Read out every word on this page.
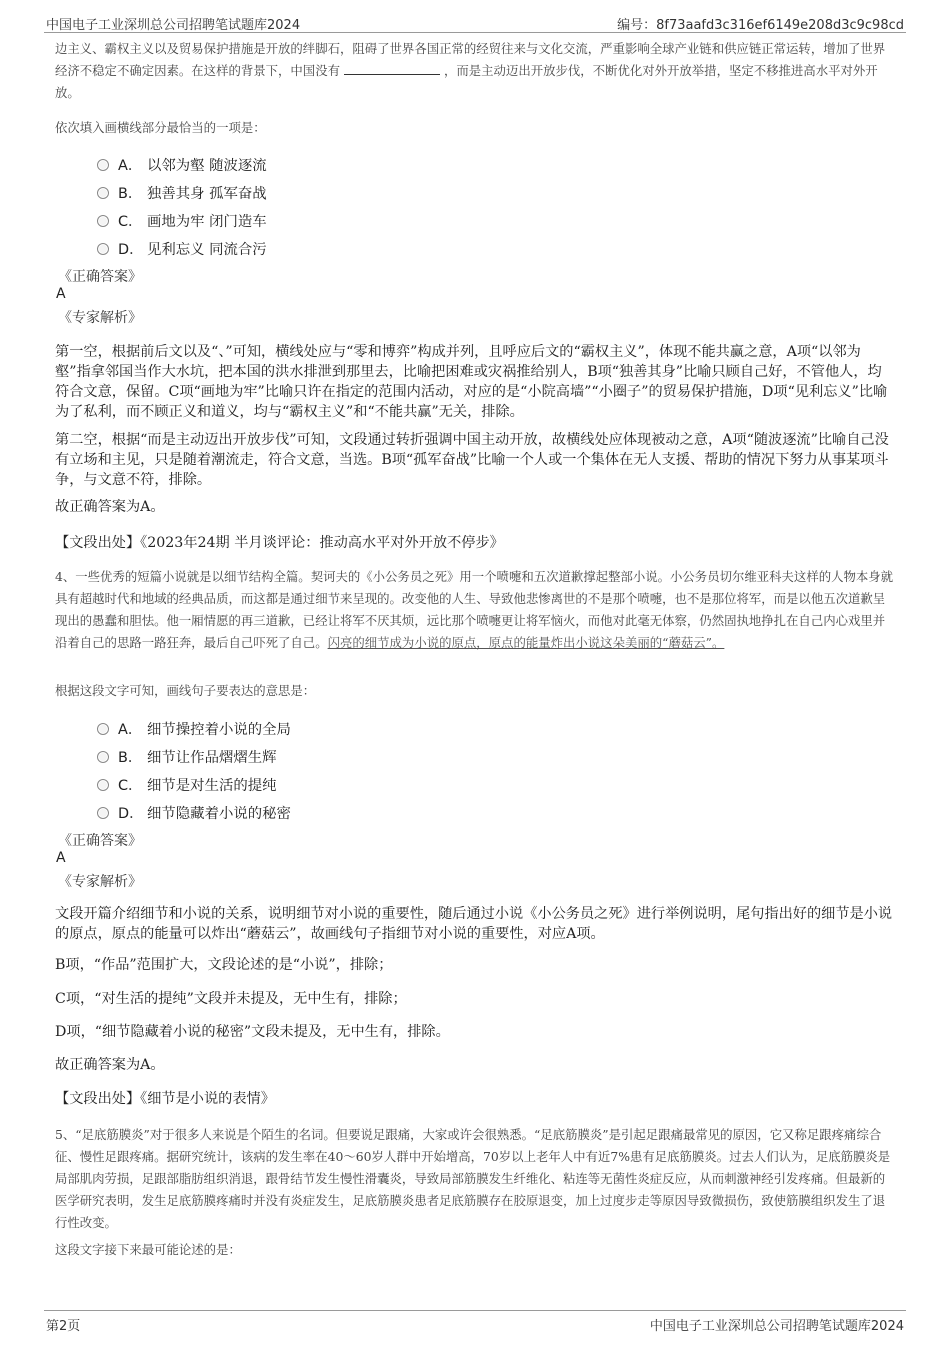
中国电子工业深圳总公司招聘笔试题库2024	编号：8f73aafd3c316ef6149e208d3c9c98cd
边主义、霸权主义以及贸易保护措施是开放的绊脚石，阻碍了世界各国正常的经贸往来与文化交流，严重影响全球产业链和供应链正常运转，增加了世界经济不稳定不确定因素。在这样的背景下，中国没有	，而是主动迈出开放步伐，不断优化对外开放举措，坚定不移推进高水平对外开放。
依次填入画横线部分最恰当的一项是：
A． 以邻为壑 随波逐流
B． 独善其身 孤军奋战
C． 画地为牢 闭门造车
D． 见利忘义 同流合污
《正确答案》
A
《专家解析》
第一空，根据前后文以及“、”可知，横线处应与“零和博弈”构成并列，且呼应后文的“霸权主义”，体现不能共赢之意，A项“以邻为壑”指拿邻国当作大水坑，把本国的洪水排泄到那里去，比喻把困难或灾祸推给别人，B项“独善其身”比喻只顾自己好，不管他人，均符合文意，保留。C项“画地为牢”比喻只许在指定的范围内活动，对应的是“小院高墙”“小圈子”的贸易保护措施，D项“见利忘义”比喻为了私利，而不顾正义和道义，均与“霸权主义”和“不能共赢”无关，排除。
第二空，根据“而是主动迈出开放步伐”可知，文段通过转折强调中国主动开放，故横线处应体现被动之意，A项“随波逐流”比喻自己没有立场和主见，只是随着潮流走，符合文意，当选。B项“孤军奋战”比喻一个人或一个集体在无人支援、帮助的情况下努力从事某项斗争，与文意不符，排除。
故正确答案为A。
【文段出处】《2023年24期 半月谈评论：推动高水平对外开放不停步》
4、一些优秀的短篇小说就是以细节结构全篇。契诃夫的《小公务员之死》用一个喷嚏和五次道歉撑起整部小说。小公务员切尔维亚科夫这样的人物本身就具有超越时代和地域的经典品质，而这都是通过细节来呈现的。改变他的人生、导致他悲惨离世的不是那个喷嚏，也不是那位将军，而是以他五次道歉呈现出的愚蠢和胆怯。他一厢情愿的再三道歉，已经让将军不厌其烦，远比那个喷嚏更让将军恼火，而他对此毫无体察，仍然固执地挣扎在自己内心戏里并沿着自己的思路一路狂奔，最后自己吓死了自己。闪亮的细节成为小说的原点，原点的能量炸出小说这朵美丽的“蘑菇云”。
根据这段文字可知，画线句子要表达的意思是：
A． 细节操控着小说的全局
B． 细节让作品熠熠生辉
C． 细节是对生活的提纯
D． 细节隐藏着小说的秘密
《正确答案》
A
《专家解析》
文段开篇介绍细节和小说的关系，说明细节对小说的重要性，随后通过小说《小公务员之死》进行举例说明，尾句指出好的细节是小说的原点，原点的能量可以炸出“蘑菇云”，故画线句子指细节对小说的重要性，对应A项。
B项，“作品”范围扩大，文段论述的是“小说”，排除；
C项，“对生活的提纯”文段并未提及，无中生有，排除；
D项，“细节隐藏着小说的秘密”文段未提及，无中生有，排除。
故正确答案为A。
【文段出处】《细节是小说的表情》
5、“足底筋膜炎”对于很多人来说是个陌生的名词。但要说足跟痛，大家或许会很熟悉。“足底筋膜炎”是引起足跟痛最常见的原因，它又称足跟疼痛综合征、慢性足跟疼痛。据研究统计，该病的发生率在40～60岁人群中开始增高，70岁以上老年人中有近7%患有足底筋膜炎。过去人们认为，足底筋膜炎是局部肌肉劳损，足跟部脂肪组织消退，跟骨结节发生慢性滑囊炎，导致局部筋膜发生纤维化、粘连等无菌性炎症反应，从而刺激神经引发疼痛。但最新的医学研究表明，发生足底筋膜疼痛时并没有炎症发生，足底筋膜炎患者足底筋膜存在胶原退变，加上过度步走等原因导致微损伤，致使筋膜组织发生了退行性改变。
这段文字接下来最可能论述的是：
第2页	中国电子工业深圳总公司招聘笔试题库2024
